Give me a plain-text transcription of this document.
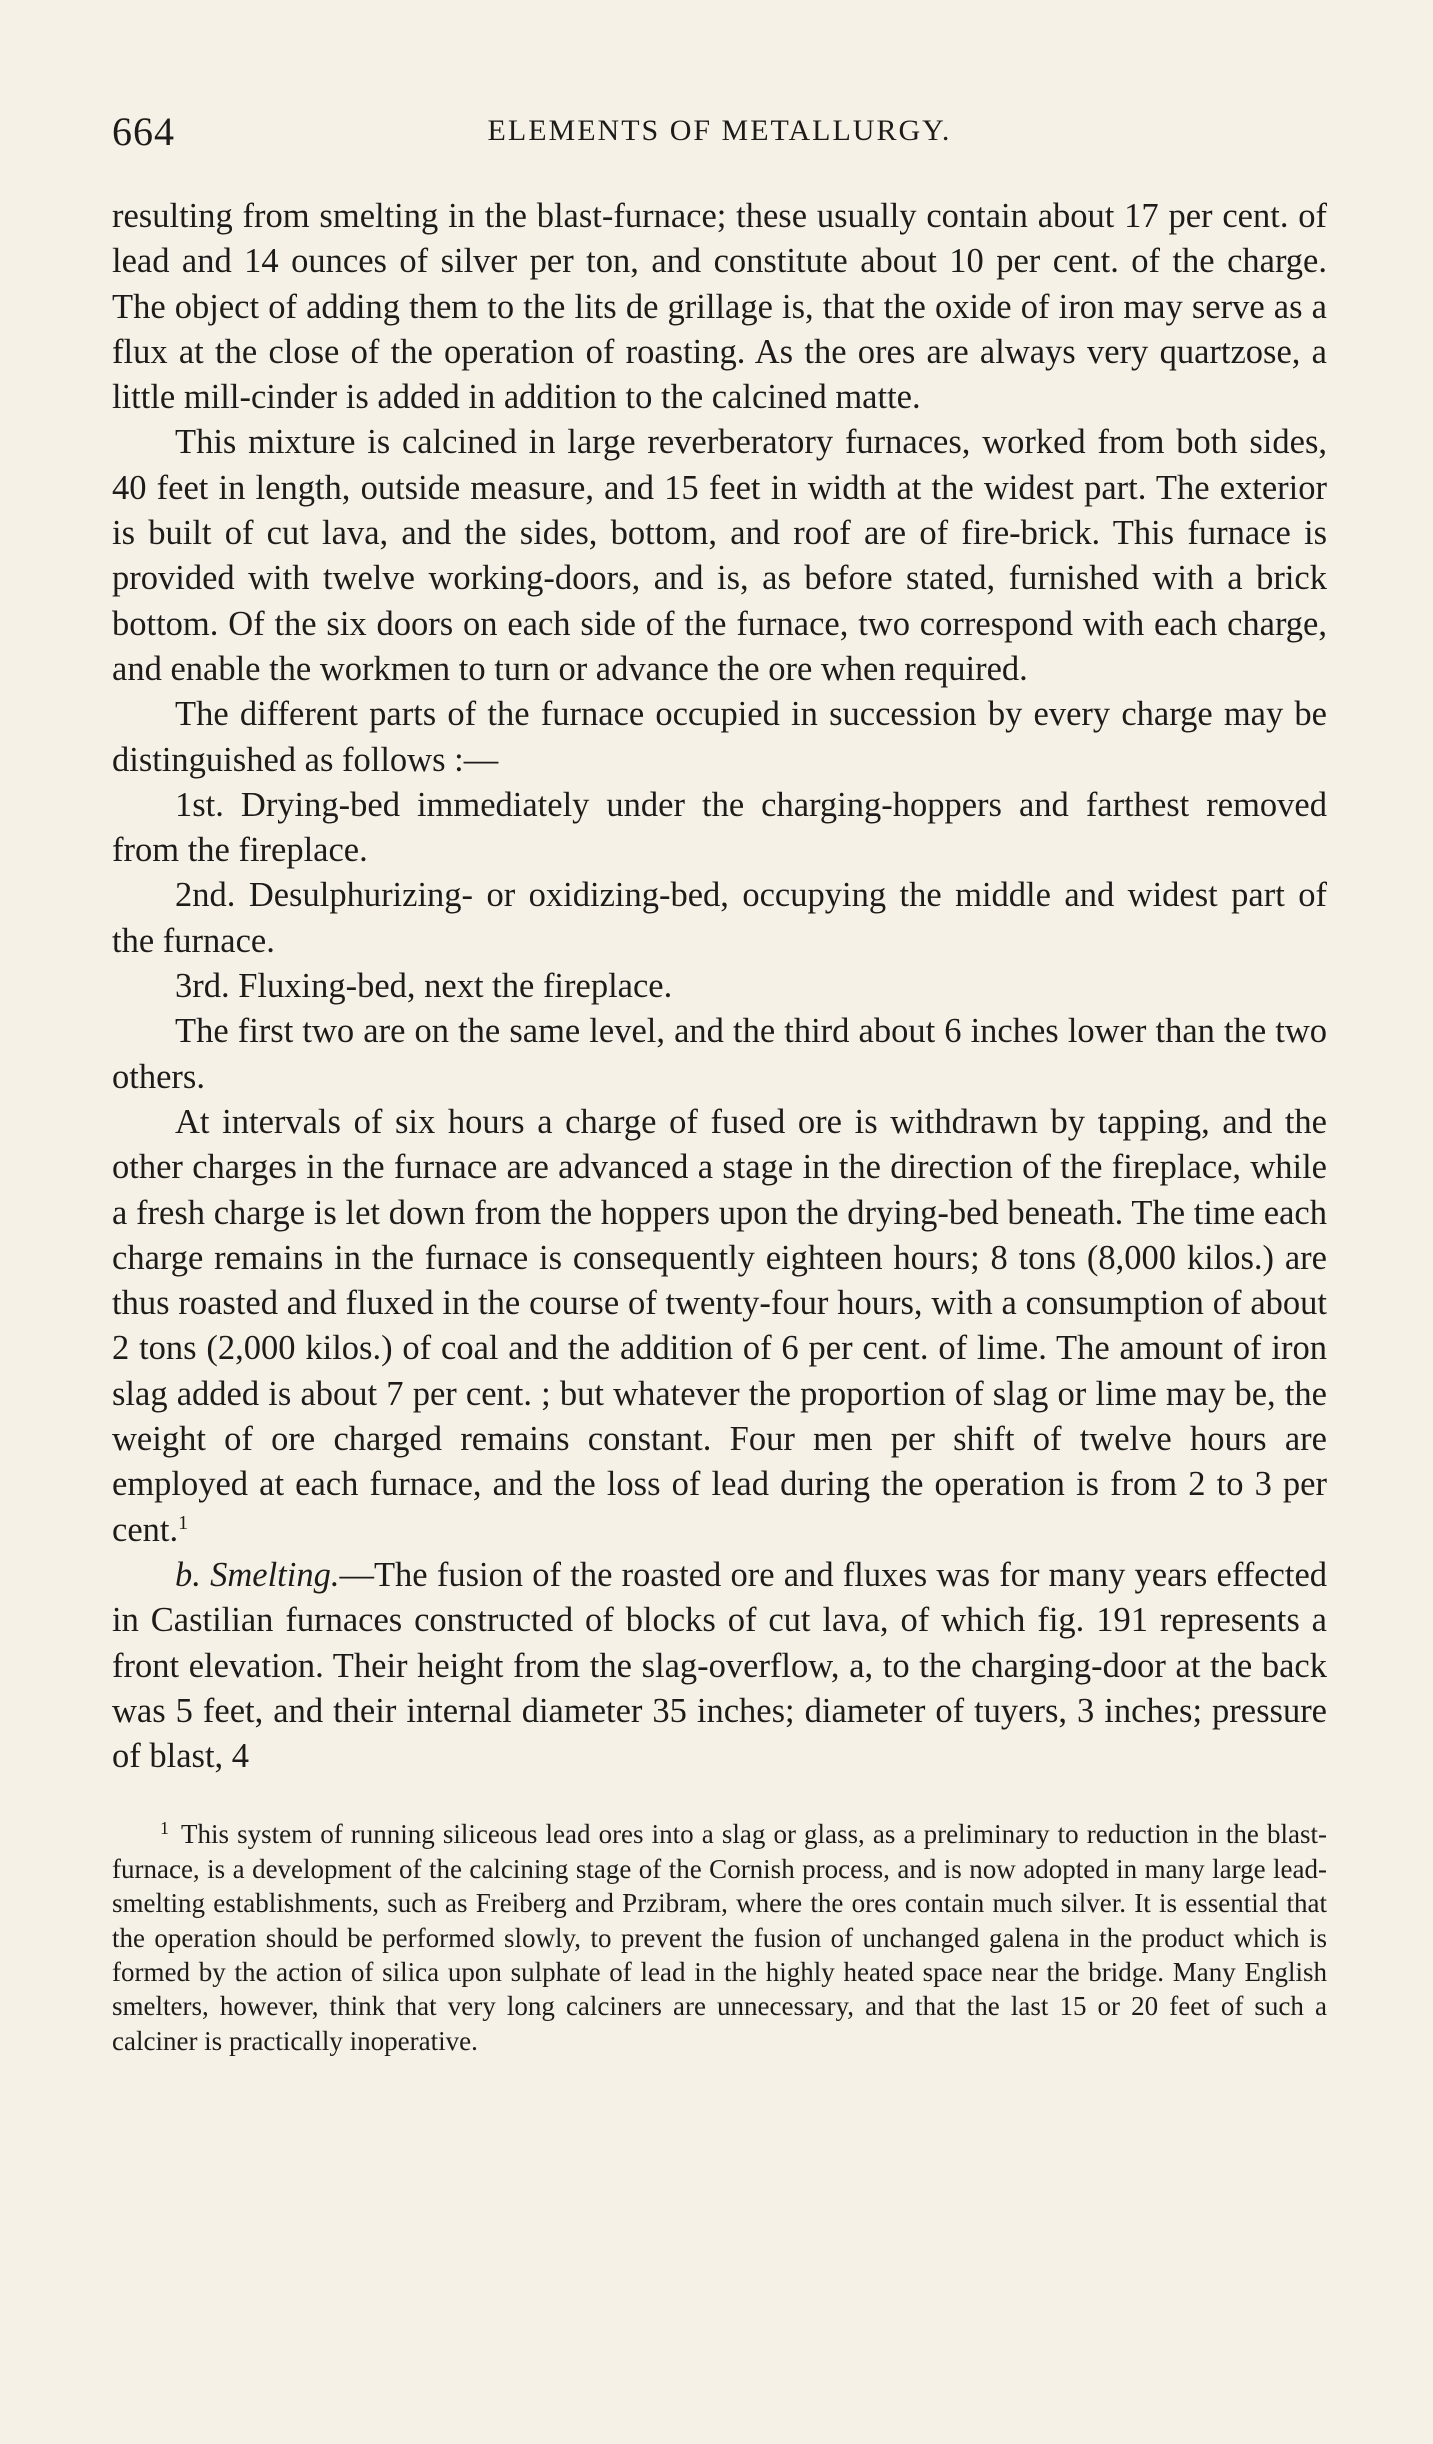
664	ELEMENTS OF METALLURGY.

resulting from smelting in the blast-furnace; these usually contain about 17 per cent. of lead and 14 ounces of silver per ton, and constitute about 10 per cent. of the charge. The object of adding them to the lits de grillage is, that the oxide of iron may serve as a flux at the close of the operation of roasting. As the ores are always very quartzose, a little mill-cinder is added in addition to the calcined matte.

This mixture is calcined in large reverberatory furnaces, worked from both sides, 40 feet in length, outside measure, and 15 feet in width at the widest part. The exterior is built of cut lava, and the sides, bottom, and roof are of fire-brick. This furnace is provided with twelve working-doors, and is, as before stated, furnished with a brick bottom. Of the six doors on each side of the furnace, two correspond with each charge, and enable the workmen to turn or advance the ore when required.

The different parts of the furnace occupied in succession by every charge may be distinguished as follows :—

1st. Drying-bed immediately under the charging-hoppers and farthest removed from the fireplace.

2nd. Desulphurizing- or oxidizing-bed, occupying the middle and widest part of the furnace.

3rd. Fluxing-bed, next the fireplace.

The first two are on the same level, and the third about 6 inches lower than the two others.

At intervals of six hours a charge of fused ore is withdrawn by tapping, and the other charges in the furnace are advanced a stage in the direction of the fireplace, while a fresh charge is let down from the hoppers upon the drying-bed beneath. The time each charge remains in the furnace is consequently eighteen hours; 8 tons (8,000 kilos.) are thus roasted and fluxed in the course of twenty-four hours, with a consumption of about 2 tons (2,000 kilos.) of coal and the addition of 6 per cent. of lime. The amount of iron slag added is about 7 per cent. ; but whatever the proportion of slag or lime may be, the weight of ore charged remains constant. Four men per shift of twelve hours are employed at each furnace, and the loss of lead during the operation is from 2 to 3 per cent.$^1$

b. Smelting.—The fusion of the roasted ore and fluxes was for many years effected in Castilian furnaces constructed of blocks of cut lava, of which fig. 191 represents a front elevation. Their height from the slag-overflow, a, to the charging-door at the back was 5 feet, and their internal diameter 35 inches; diameter of tuyers, 3 inches; pressure of blast, 4

$^1$ This system of running siliceous lead ores into a slag or glass, as a preliminary to reduction in the blast-furnace, is a development of the calcining stage of the Cornish process, and is now adopted in many large lead-smelting establishments, such as Freiberg and Przibram, where the ores contain much silver. It is essential that the operation should be performed slowly, to prevent the fusion of unchanged galena in the product which is formed by the action of silica upon sulphate of lead in the highly heated space near the bridge. Many English smelters, however, think that very long calciners are unnecessary, and that the last 15 or 20 feet of such a calciner is practically inoperative.
